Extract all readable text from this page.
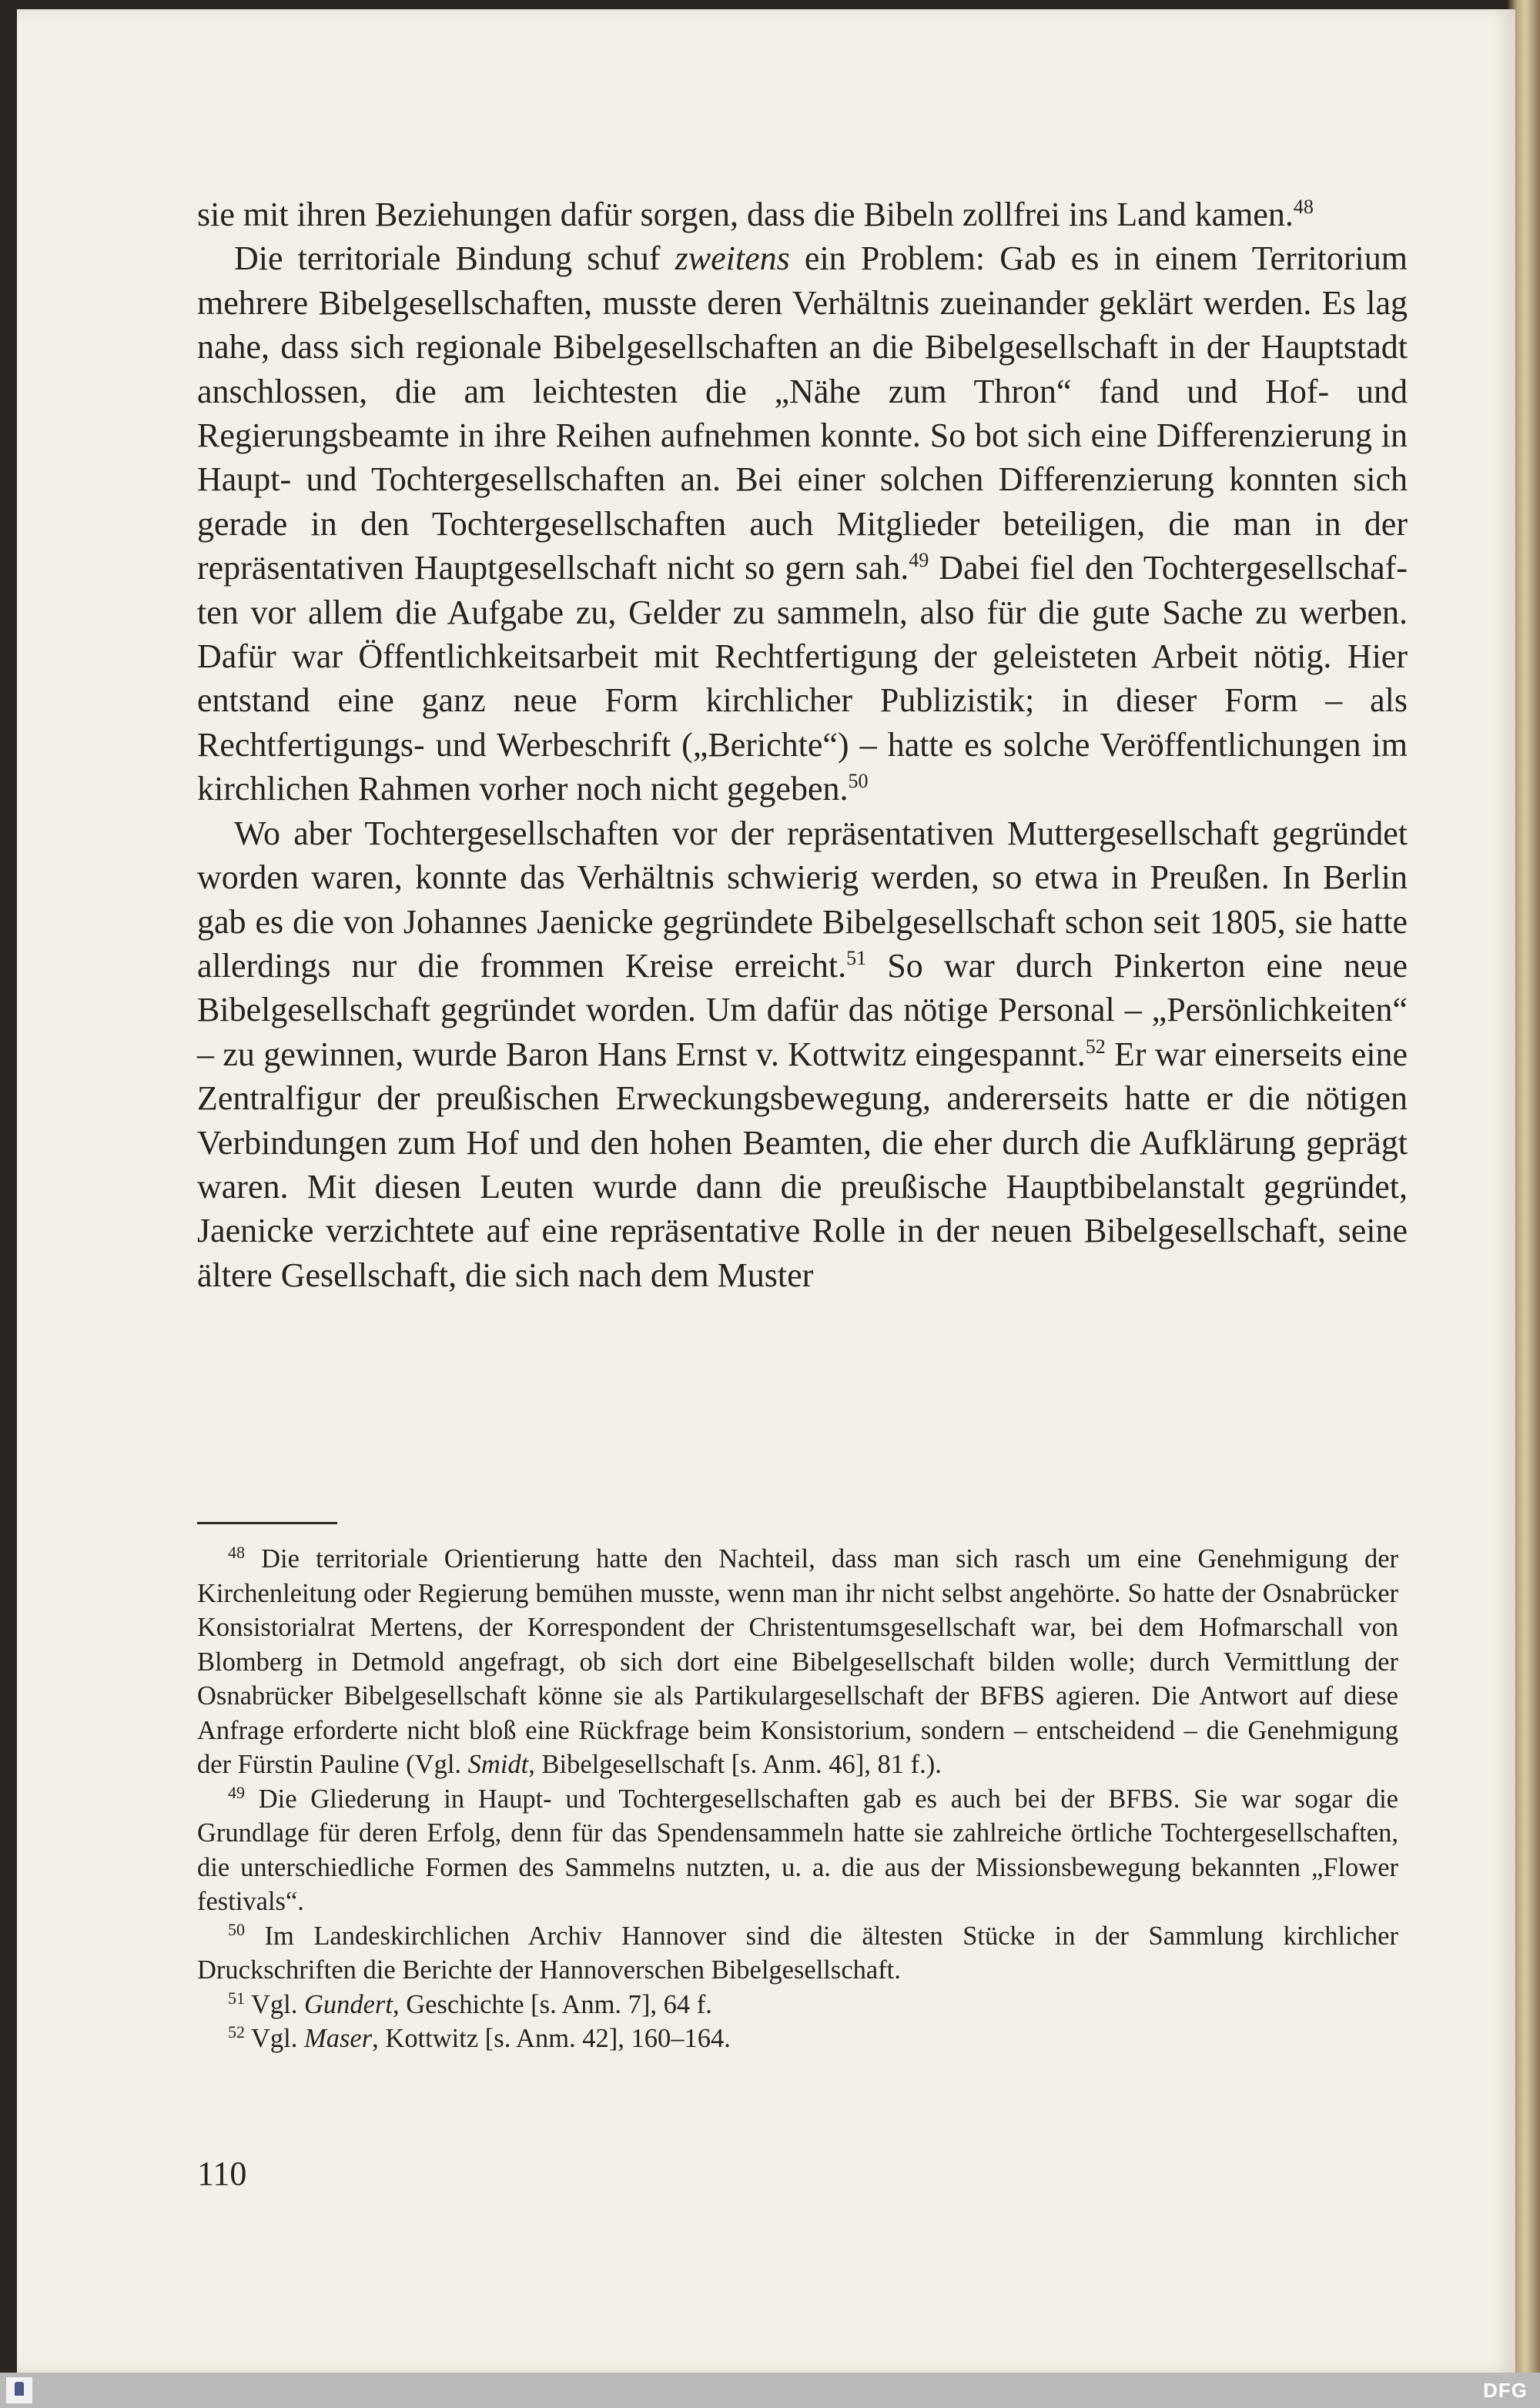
sie mit ihren Beziehungen dafür sorgen, dass die Bibeln zollfrei ins Land kamen.$^{48}$

Die territoriale Bindung schuf zweitens ein Problem: Gab es in einem Territorium mehrere Bibelgesellschaften, musste deren Verhältnis zueinander geklärt werden. Es lag nahe, dass sich regionale Bibelgesellschaften an die Bibelgesellschaft in der Hauptstadt anschlossen, die am leichtesten die „Nähe zum Thron“ fand und Hof- und Regierungsbeamte in ihre Reihen aufnehmen konnte. So bot sich eine Differenzierung in Haupt- und Tochtergesellschaften an. Bei einer solchen Differenzierung konnten sich gerade in den Tochtergesellschaften auch Mitglieder beteiligen, die man in der repräsentativen Hauptgesellschaft nicht so gern sah.$^{49}$ Dabei fiel den Tochtergesellschaften vor allem die Aufgabe zu, Gelder zu sammeln, also für die gute Sache zu werben. Dafür war Öffentlichkeitsarbeit mit Rechtfertigung der geleisteten Arbeit nötig. Hier entstand eine ganz neue Form kirchlicher Publizistik; in dieser Form – als Rechtfertigungs- und Werbeschrift („Berichte“) – hatte es solche Veröffentlichungen im kirchlichen Rahmen vorher noch nicht gegeben.$^{50}$

Wo aber Tochtergesellschaften vor der repräsentativen Muttergesellschaft gegründet worden waren, konnte das Verhältnis schwierig werden, so etwa in Preußen. In Berlin gab es die von Johannes Jaenicke gegründete Bibelgesellschaft schon seit 1805, sie hatte allerdings nur die frommen Kreise erreicht.$^{51}$ So war durch Pinkerton eine neue Bibelgesellschaft gegründet worden. Um dafür das nötige Personal – „Persönlichkeiten“ – zu gewinnen, wurde Baron Hans Ernst v. Kottwitz eingespannt.$^{52}$ Er war einerseits eine Zentralfigur der preußischen Erweckungsbewegung, andererseits hatte er die nötigen Verbindungen zum Hof und den hohen Beamten, die eher durch die Aufklärung geprägt waren. Mit diesen Leuten wurde dann die preußische Hauptbibelanstalt gegründet, Jaenicke verzichtete auf eine repräsentative Rolle in der neuen Bibelgesellschaft, seine ältere Gesellschaft, die sich nach dem Muster

$^{48}$ Die territoriale Orientierung hatte den Nachteil, dass man sich rasch um eine Genehmigung der Kirchenleitung oder Regierung bemühen musste, wenn man ihr nicht selbst angehörte. So hatte der Osnabrücker Konsistorialrat Mertens, der Korrespondent der Christentumsgesellschaft war, bei dem Hofmarschall von Blomberg in Detmold angefragt, ob sich dort eine Bibelgesellschaft bilden wolle; durch Vermittlung der Osnabrücker Bibelgesellschaft könne sie als Partikulargesellschaft der BFBS agieren. Die Antwort auf diese Anfrage erforderte nicht bloß eine Rückfrage beim Konsistorium, sondern – entscheidend – die Genehmigung der Fürstin Pauline (Vgl. Smidt, Bibelgesellschaft [s. Anm. 46], 81 f.).

$^{49}$ Die Gliederung in Haupt- und Tochtergesellschaften gab es auch bei der BFBS. Sie war sogar die Grundlage für deren Erfolg, denn für das Spendensammeln hatte sie zahlreiche örtliche Tochtergesellschaften, die unterschiedliche Formen des Sammelns nutzten, u. a. die aus der Missionsbewegung bekannten „Flower festivals“.

$^{50}$ Im Landeskirchlichen Archiv Hannover sind die ältesten Stücke in der Sammlung kirchlicher Druckschriften die Berichte der Hannoverschen Bibelgesellschaft.

$^{51}$ Vgl. Gundert, Geschichte [s. Anm. 7], 64 f.

$^{52}$ Vgl. Maser, Kottwitz [s. Anm. 42], 160–164.

110
DFG
